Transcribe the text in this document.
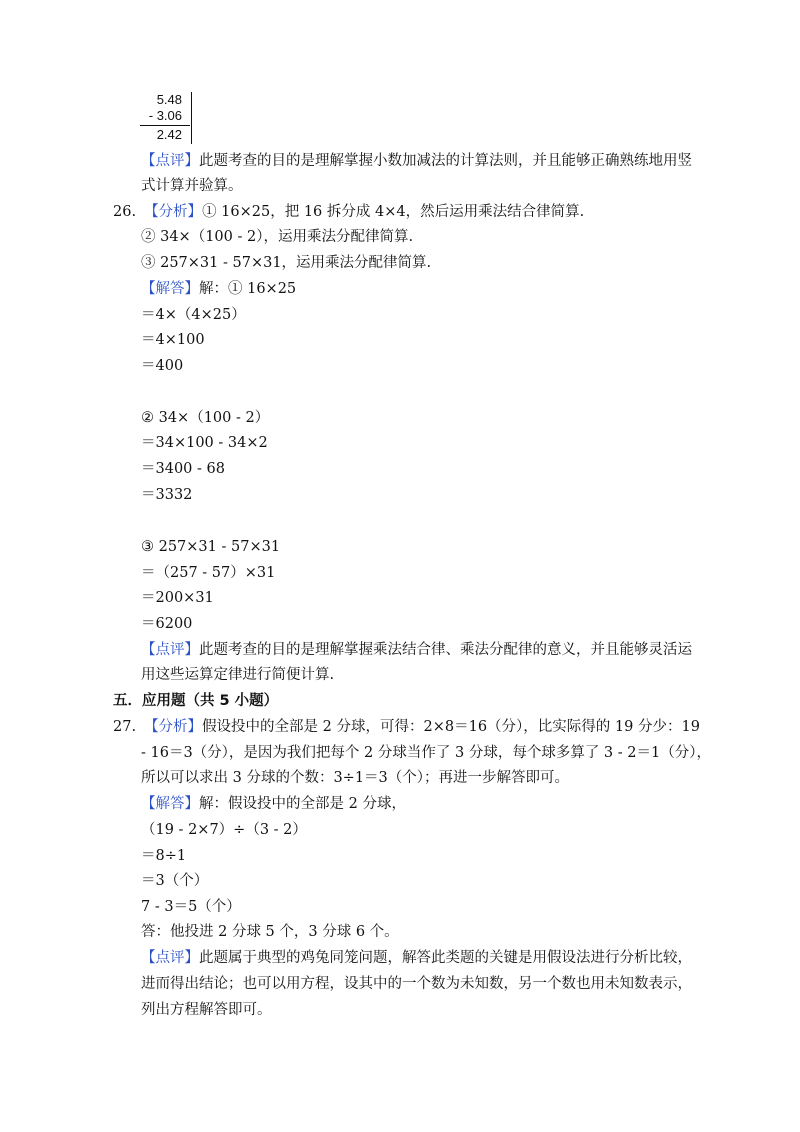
5.48
- 3.06
2.42
【点评】此题考查的目的是理解掌握小数加减法的计算法则，并且能够正确熟练地用竖
式计算并验算。
26. 【分析】① 16×25，把 16 拆分成 4×4，然后运用乘法结合律简算.
② 34×（100 - 2），运用乘法分配律简算.
③ 257×31 - 57×31，运用乘法分配律简算.
【解答】解：① 16×25
＝4×（4×25）
＝4×100
＝400
② 34×（100 - 2）
＝34×100 - 34×2
＝3400 - 68
＝3332
③ 257×31 - 57×31
＝（257 - 57）×31
＝200×31
＝6200
【点评】此题考查的目的是理解掌握乘法结合律、乘法分配律的意义，并且能够灵活运
用这些运算定律进行简便计算.
五．应用题（共 5 小题）
27. 【分析】假设投中的全部是 2 分球，可得：2×8＝16（分），比实际得的 19 分少：19
- 16＝3（分），是因为我们把每个 2 分球当作了 3 分球，每个球多算了 3 - 2＝1（分），
所以可以求出 3 分球的个数：3÷1＝3（个）；再进一步解答即可。
【解答】解：假设投中的全部是 2 分球，
（19 - 2×7）÷（3 - 2）
＝8÷1
＝3（个）
7 - 3＝5（个）
答：他投进 2 分球 5 个，3 分球 6 个。
【点评】此题属于典型的鸡兔同笼问题，解答此类题的关键是用假设法进行分析比较，
进而得出结论；也可以用方程，设其中的一个数为未知数，另一个数也用未知数表示，
列出方程解答即可。
